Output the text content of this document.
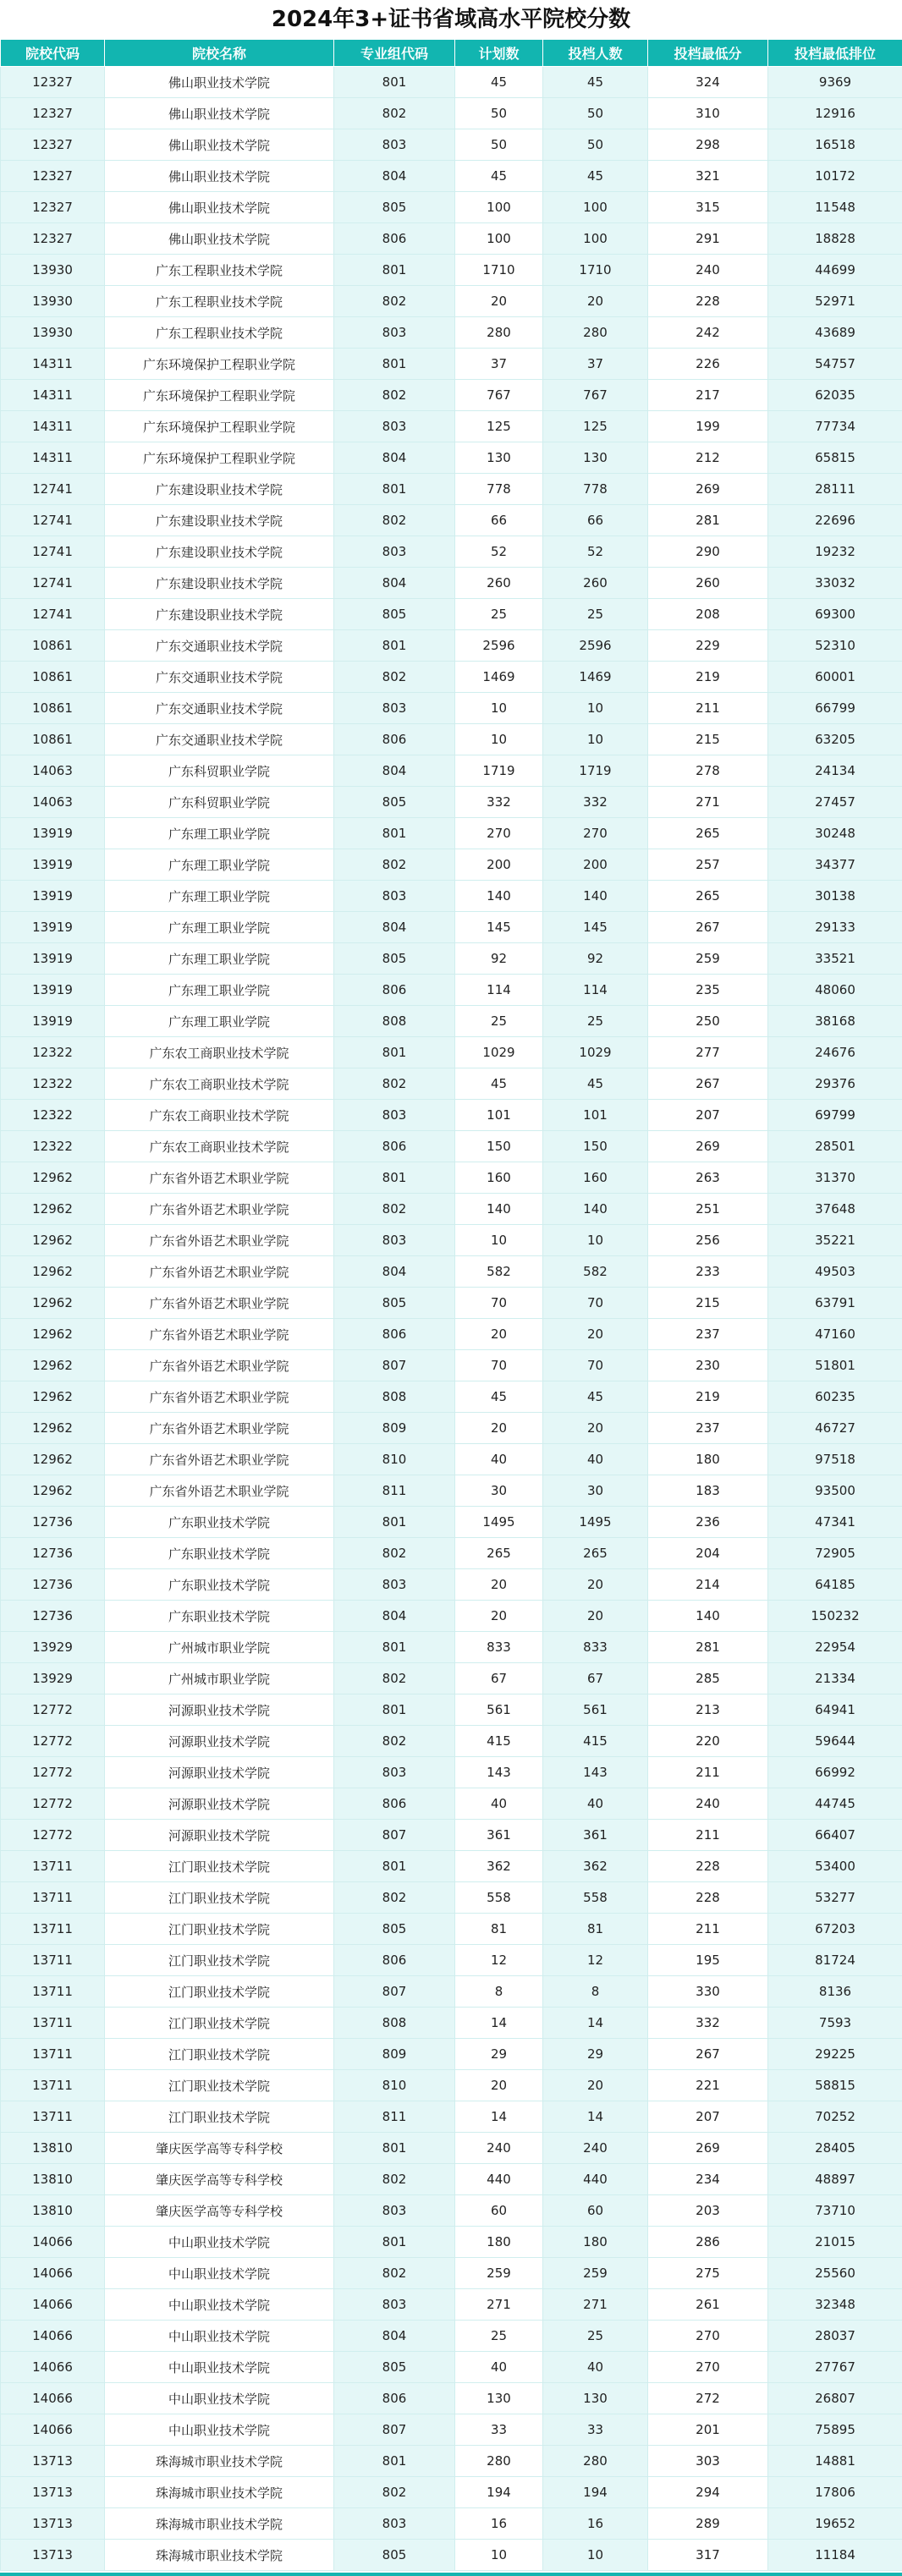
2024年3+证书省域高水平院校分数
院校代码	院校名称	专业组代码	计划数	投档人数	投档最低分	投档最低排位
12327	佛山职业技术学院	801	45	45	324	9369
12327	佛山职业技术学院	802	50	50	310	12916
12327	佛山职业技术学院	803	50	50	298	16518
12327	佛山职业技术学院	804	45	45	321	10172
12327	佛山职业技术学院	805	100	100	315	11548
12327	佛山职业技术学院	806	100	100	291	18828
13930	广东工程职业技术学院	801	1710	1710	240	44699
13930	广东工程职业技术学院	802	20	20	228	52971
13930	广东工程职业技术学院	803	280	280	242	43689
14311	广东环境保护工程职业学院	801	37	37	226	54757
14311	广东环境保护工程职业学院	802	767	767	217	62035
14311	广东环境保护工程职业学院	803	125	125	199	77734
14311	广东环境保护工程职业学院	804	130	130	212	65815
12741	广东建设职业技术学院	801	778	778	269	28111
12741	广东建设职业技术学院	802	66	66	281	22696
12741	广东建设职业技术学院	803	52	52	290	19232
12741	广东建设职业技术学院	804	260	260	260	33032
12741	广东建设职业技术学院	805	25	25	208	69300
10861	广东交通职业技术学院	801	2596	2596	229	52310
10861	广东交通职业技术学院	802	1469	1469	219	60001
10861	广东交通职业技术学院	803	10	10	211	66799
10861	广东交通职业技术学院	806	10	10	215	63205
14063	广东科贸职业学院	804	1719	1719	278	24134
14063	广东科贸职业学院	805	332	332	271	27457
13919	广东理工职业学院	801	270	270	265	30248
13919	广东理工职业学院	802	200	200	257	34377
13919	广东理工职业学院	803	140	140	265	30138
13919	广东理工职业学院	804	145	145	267	29133
13919	广东理工职业学院	805	92	92	259	33521
13919	广东理工职业学院	806	114	114	235	48060
13919	广东理工职业学院	808	25	25	250	38168
12322	广东农工商职业技术学院	801	1029	1029	277	24676
12322	广东农工商职业技术学院	802	45	45	267	29376
12322	广东农工商职业技术学院	803	101	101	207	69799
12322	广东农工商职业技术学院	806	150	150	269	28501
12962	广东省外语艺术职业学院	801	160	160	263	31370
12962	广东省外语艺术职业学院	802	140	140	251	37648
12962	广东省外语艺术职业学院	803	10	10	256	35221
12962	广东省外语艺术职业学院	804	582	582	233	49503
12962	广东省外语艺术职业学院	805	70	70	215	63791
12962	广东省外语艺术职业学院	806	20	20	237	47160
12962	广东省外语艺术职业学院	807	70	70	230	51801
12962	广东省外语艺术职业学院	808	45	45	219	60235
12962	广东省外语艺术职业学院	809	20	20	237	46727
12962	广东省外语艺术职业学院	810	40	40	180	97518
12962	广东省外语艺术职业学院	811	30	30	183	93500
12736	广东职业技术学院	801	1495	1495	236	47341
12736	广东职业技术学院	802	265	265	204	72905
12736	广东职业技术学院	803	20	20	214	64185
12736	广东职业技术学院	804	20	20	140	150232
13929	广州城市职业学院	801	833	833	281	22954
13929	广州城市职业学院	802	67	67	285	21334
12772	河源职业技术学院	801	561	561	213	64941
12772	河源职业技术学院	802	415	415	220	59644
12772	河源职业技术学院	803	143	143	211	66992
12772	河源职业技术学院	806	40	40	240	44745
12772	河源职业技术学院	807	361	361	211	66407
13711	江门职业技术学院	801	362	362	228	53400
13711	江门职业技术学院	802	558	558	228	53277
13711	江门职业技术学院	805	81	81	211	67203
13711	江门职业技术学院	806	12	12	195	81724
13711	江门职业技术学院	807	8	8	330	8136
13711	江门职业技术学院	808	14	14	332	7593
13711	江门职业技术学院	809	29	29	267	29225
13711	江门职业技术学院	810	20	20	221	58815
13711	江门职业技术学院	811	14	14	207	70252
13810	肇庆医学高等专科学校	801	240	240	269	28405
13810	肇庆医学高等专科学校	802	440	440	234	48897
13810	肇庆医学高等专科学校	803	60	60	203	73710
14066	中山职业技术学院	801	180	180	286	21015
14066	中山职业技术学院	802	259	259	275	25560
14066	中山职业技术学院	803	271	271	261	32348
14066	中山职业技术学院	804	25	25	270	28037
14066	中山职业技术学院	805	40	40	270	27767
14066	中山职业技术学院	806	130	130	272	26807
14066	中山职业技术学院	807	33	33	201	75895
13713	珠海城市职业技术学院	801	280	280	303	14881
13713	珠海城市职业技术学院	802	194	194	294	17806
13713	珠海城市职业技术学院	803	16	16	289	19652
13713	珠海城市职业技术学院	805	10	10	317	11184
